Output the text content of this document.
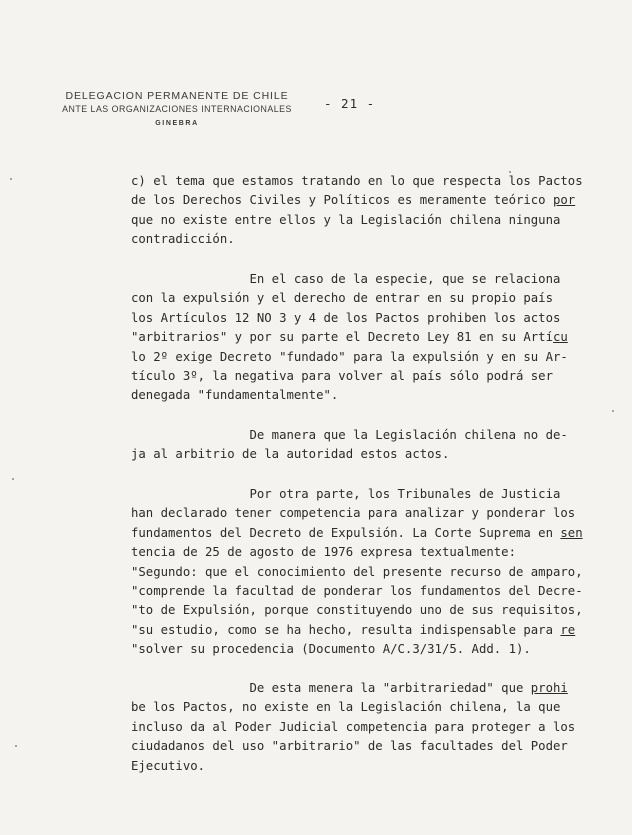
DELEGACION PERMANENTE DE CHILE
ANTE LAS ORGANIZACIONES INTERNACIONALES
GINEBRA
- 21 -
c) el tema que estamos tratando en lo que respecta los Pactos
de los Derechos Civiles y Políticos es meramente teórico por
que no existe entre ellos y la Legislación chilena ninguna
contradicción.
En el caso de la especie, que se relaciona
con la expulsión y el derecho de entrar en su propio país
los Artículos 12 NO 3 y 4 de los Pactos prohiben los actos
"arbitrarios" y por su parte el Decreto Ley 81 en su Artícu
lo 2º exige Decreto "fundado" para la expulsión y en su Ar-
tículo 3º, la negativa para volver al país sólo podrá ser
denegada "fundamentalmente".
De manera que la Legislación chilena no de-
ja al arbitrio de la autoridad estos actos.
Por otra parte, los Tribunales de Justicia
han declarado tener competencia para analizar y ponderar los
fundamentos del Decreto de Expulsión. La Corte Suprema en sen
tencia de 25 de agosto de 1976 expresa textualmente:
"Segundo: que el conocimiento del presente recurso de amparo,
"comprende la facultad de ponderar los fundamentos del Decre-
"to de Expulsión, porque constituyendo uno de sus requisitos,
"su estudio, como se ha hecho, resulta indispensable para re
"solver su procedencia (Documento A/C.3/31/5. Add. 1).
De esta menera la "arbitrariedad" que prohi
be los Pactos, no existe en la Legislación chilena, la que
incluso da al Poder Judicial competencia para proteger a los
ciudadanos del uso "arbitrario" de las facultades del Poder
Ejecutivo.
